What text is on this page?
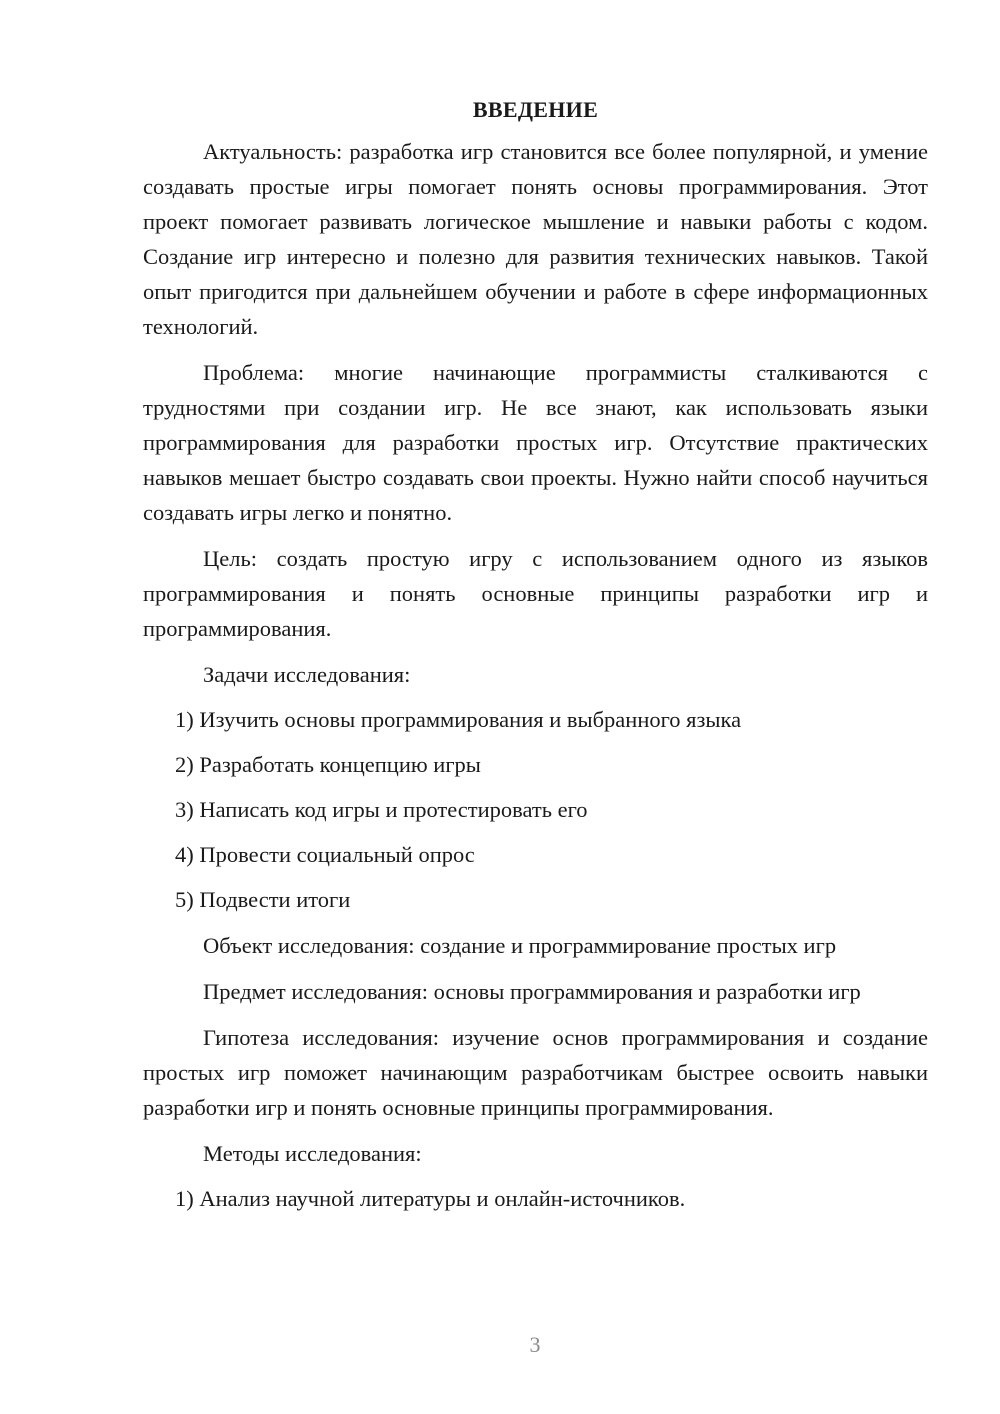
ВВЕДЕНИЕ

Актуальность: разработка игр становится все более популярной, и умение создавать простые игры помогает понять основы программирования. Этот проект помогает развивать логическое мышление и навыки работы с кодом. Создание игр интересно и полезно для развития технических навыков. Такой опыт пригодится при дальнейшем обучении и работе в сфере информационных технологий.

Проблема: многие начинающие программисты сталкиваются с трудностями при создании игр. Не все знают, как использовать языки программирования для разработки простых игр. Отсутствие практических навыков мешает быстро создавать свои проекты. Нужно найти способ научиться создавать игры легко и понятно.

Цель: создать простую игру с использованием одного из языков программирования и понять основные принципы разработки игр и программирования.

Задачи исследования:

1) Изучить основы программирования и выбранного языка

2) Разработать концепцию игры

3) Написать код игры и протестировать его

4) Провести социальный опрос

5) Подвести итоги

Объект исследования: создание и программирование простых игр

Предмет исследования: основы программирования и разработки игр

Гипотеза исследования: изучение основ программирования и создание простых игр поможет начинающим разработчикам быстрее освоить навыки разработки игр и понять основные принципы программирования.

Методы исследования:

1) Анализ научной литературы и онлайн-источников.

3
